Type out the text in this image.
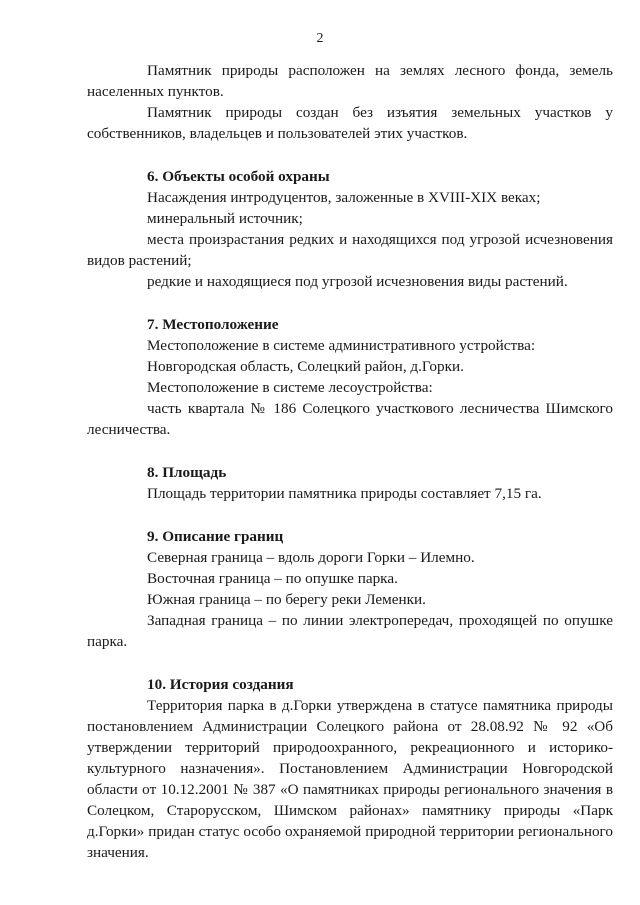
2

Памятник природы расположен на землях лесного фонда, земель населенных пунктов.

Памятник природы создан без изъятия земельных участков у собственников, владельцев и пользователей этих участков.

6. Объекты особой охраны

Насаждения интродуцентов, заложенные в XVIII-XIX веках;

минеральный источник;

места произрастания редких и находящихся под угрозой исчезновения видов растений;

редкие и находящиеся под угрозой исчезновения виды растений.

7. Местоположение

Местоположение в системе административного устройства:

Новгородская область, Солецкий район, д.Горки.

Местоположение в системе лесоустройства:

часть квартала № 186 Солецкого участкового лесничества Шимского лесничества.

8. Площадь

Площадь территории памятника природы составляет 7,15 га.

9. Описание границ

Северная граница – вдоль дороги Горки – Илемно.

Восточная граница – по опушке парка.

Южная граница – по берегу реки Леменки.

Западная граница – по линии электропередач, проходящей по опушке парка.

10. История создания

Территория парка в д.Горки утверждена в статусе памятника природы постановлением Администрации Солецкого района от 28.08.92 № 92 «Об утверждении территорий природоохранного, рекреационного и историко-культурного назначения». Постановлением Администрации Новгородской области от 10.12.2001 № 387 «О памятниках природы регионального значения в Солецком, Старорусском, Шимском районах» памятнику природы «Парк д.Горки» придан статус особо охраняемой природной территории регионального значения.
